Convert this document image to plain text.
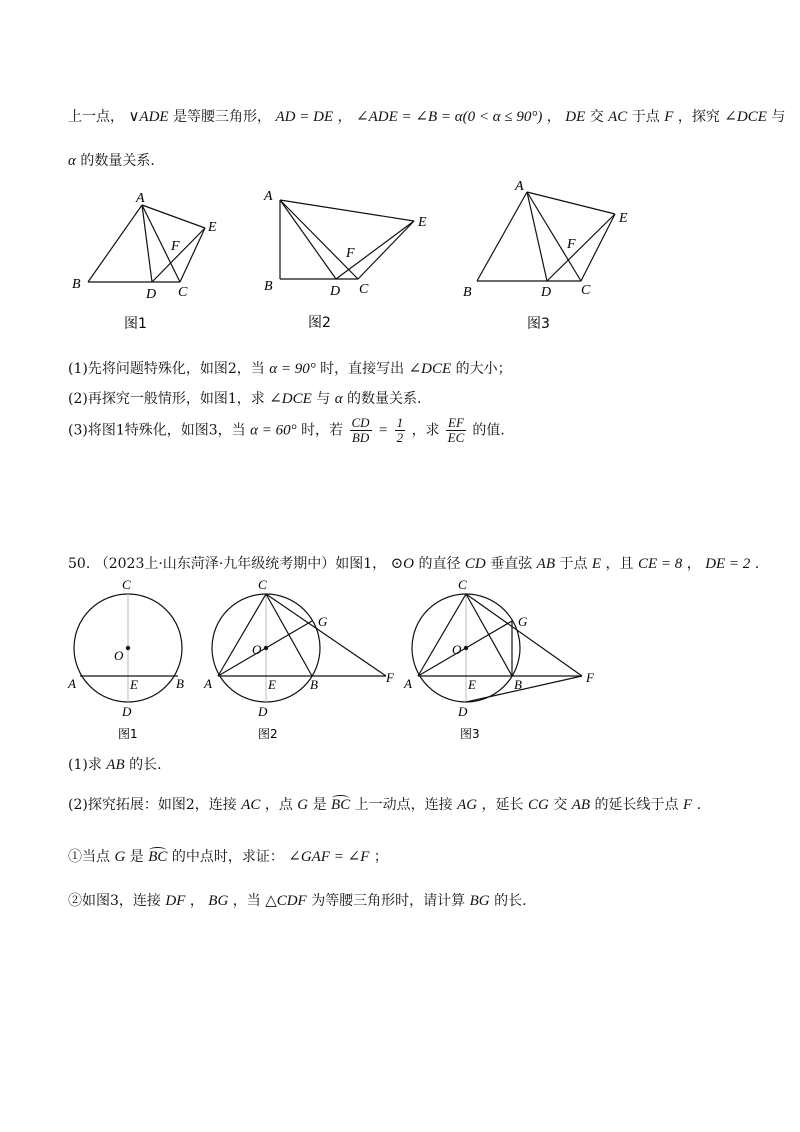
上一点， ∨ADE 是等腰三角形， AD = DE ， ∠ADE = ∠B = α(0 < α ≤ 90°) ， DE 交 AC 于点 F ，探究 ∠DCE 与
α 的数量关系.
A
B
D C
E
F
图1
A
B	D C
E
F
图2
A
B	D C
E
F
图3
(1)先将问题特殊化，如图2，当 α = 90° 时，直接写出 ∠DCE 的大小；
(2)再探究一般情形，如图1，求 ∠DCE 与 α 的数量关系.
(3)将图1特殊化，如图3，当 α = 60° 时，若 $\frac{CD}{BD} = \frac{1}{2}$ ，求 $\frac{EF}{EC}$ 的值.
50. （2023上·山东菏泽·九年级统考期中）如图1， ⊙O 的直径 CD 垂直弦 AB 于点 E ，且 CE = 8 ， DE = 2 .
C
O
A	E	B
D
图1
C
O
G
A	E	B	F
D
图2
C
O
G
A	E	B	F
D
图3
(1)求 AB 的长.
(2)探究拓展：如图2，连接 AC ，点 G 是 BC 上一动点，连接 AG ，延长 CG 交 AB 的延长线于点 F .
①当点 G 是 BC 的中点时，求证： ∠GAF = ∠F ；
②如图3，连接 DF ， BG ，当 △CDF 为等腰三角形时，请计算 BG 的长.
